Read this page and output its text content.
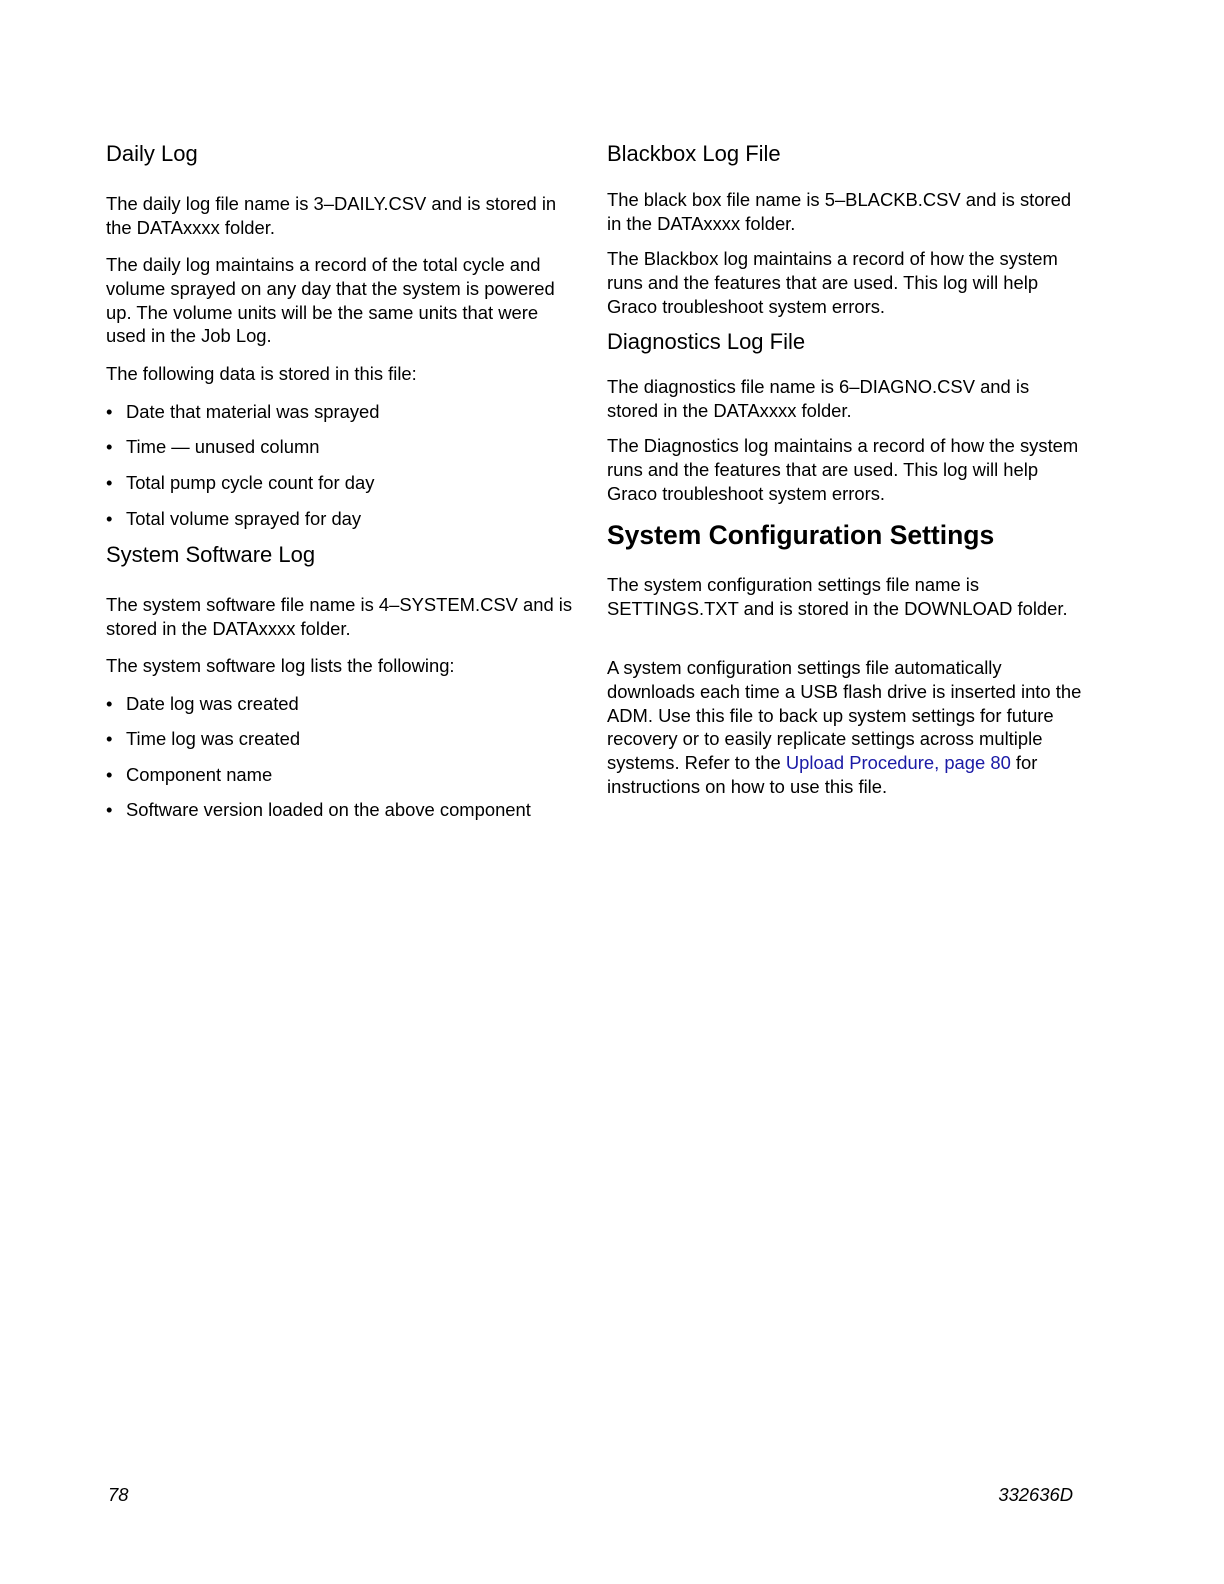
Daily Log

The daily log file name is 3–DAILY.CSV and is stored in the DATAxxxx folder.

The daily log maintains a record of the total cycle and volume sprayed on any day that the system is powered up. The volume units will be the same units that were used in the Job Log.

The following data is stored in this file:

• Date that material was sprayed
• Time — unused column
• Total pump cycle count for day
• Total volume sprayed for day
System Software Log

The system software file name is 4–SYSTEM.CSV and is stored in the DATAxxxx folder.

The system software log lists the following:

• Date log was created
• Time log was created
• Component name
• Software version loaded on the above component
Blackbox Log File

The black box file name is 5–BLACKB.CSV and is stored in the DATAxxxx folder.

The Blackbox log maintains a record of how the system runs and the features that are used. This log will help Graco troubleshoot system errors.

Diagnostics Log File

The diagnostics file name is 6–DIAGNO.CSV and is stored in the DATAxxxx folder.

The Diagnostics log maintains a record of how the system runs and the features that are used. This log will help Graco troubleshoot system errors.

System Configuration Settings

The system configuration settings file name is SETTINGS.TXT and is stored in the DOWNLOAD folder.

A system configuration settings file automatically downloads each time a USB flash drive is inserted into the ADM. Use this file to back up system settings for future recovery or to easily replicate settings across multiple systems. Refer to the Upload Procedure, page 80 for instructions on how to use this file.

78	332636D
